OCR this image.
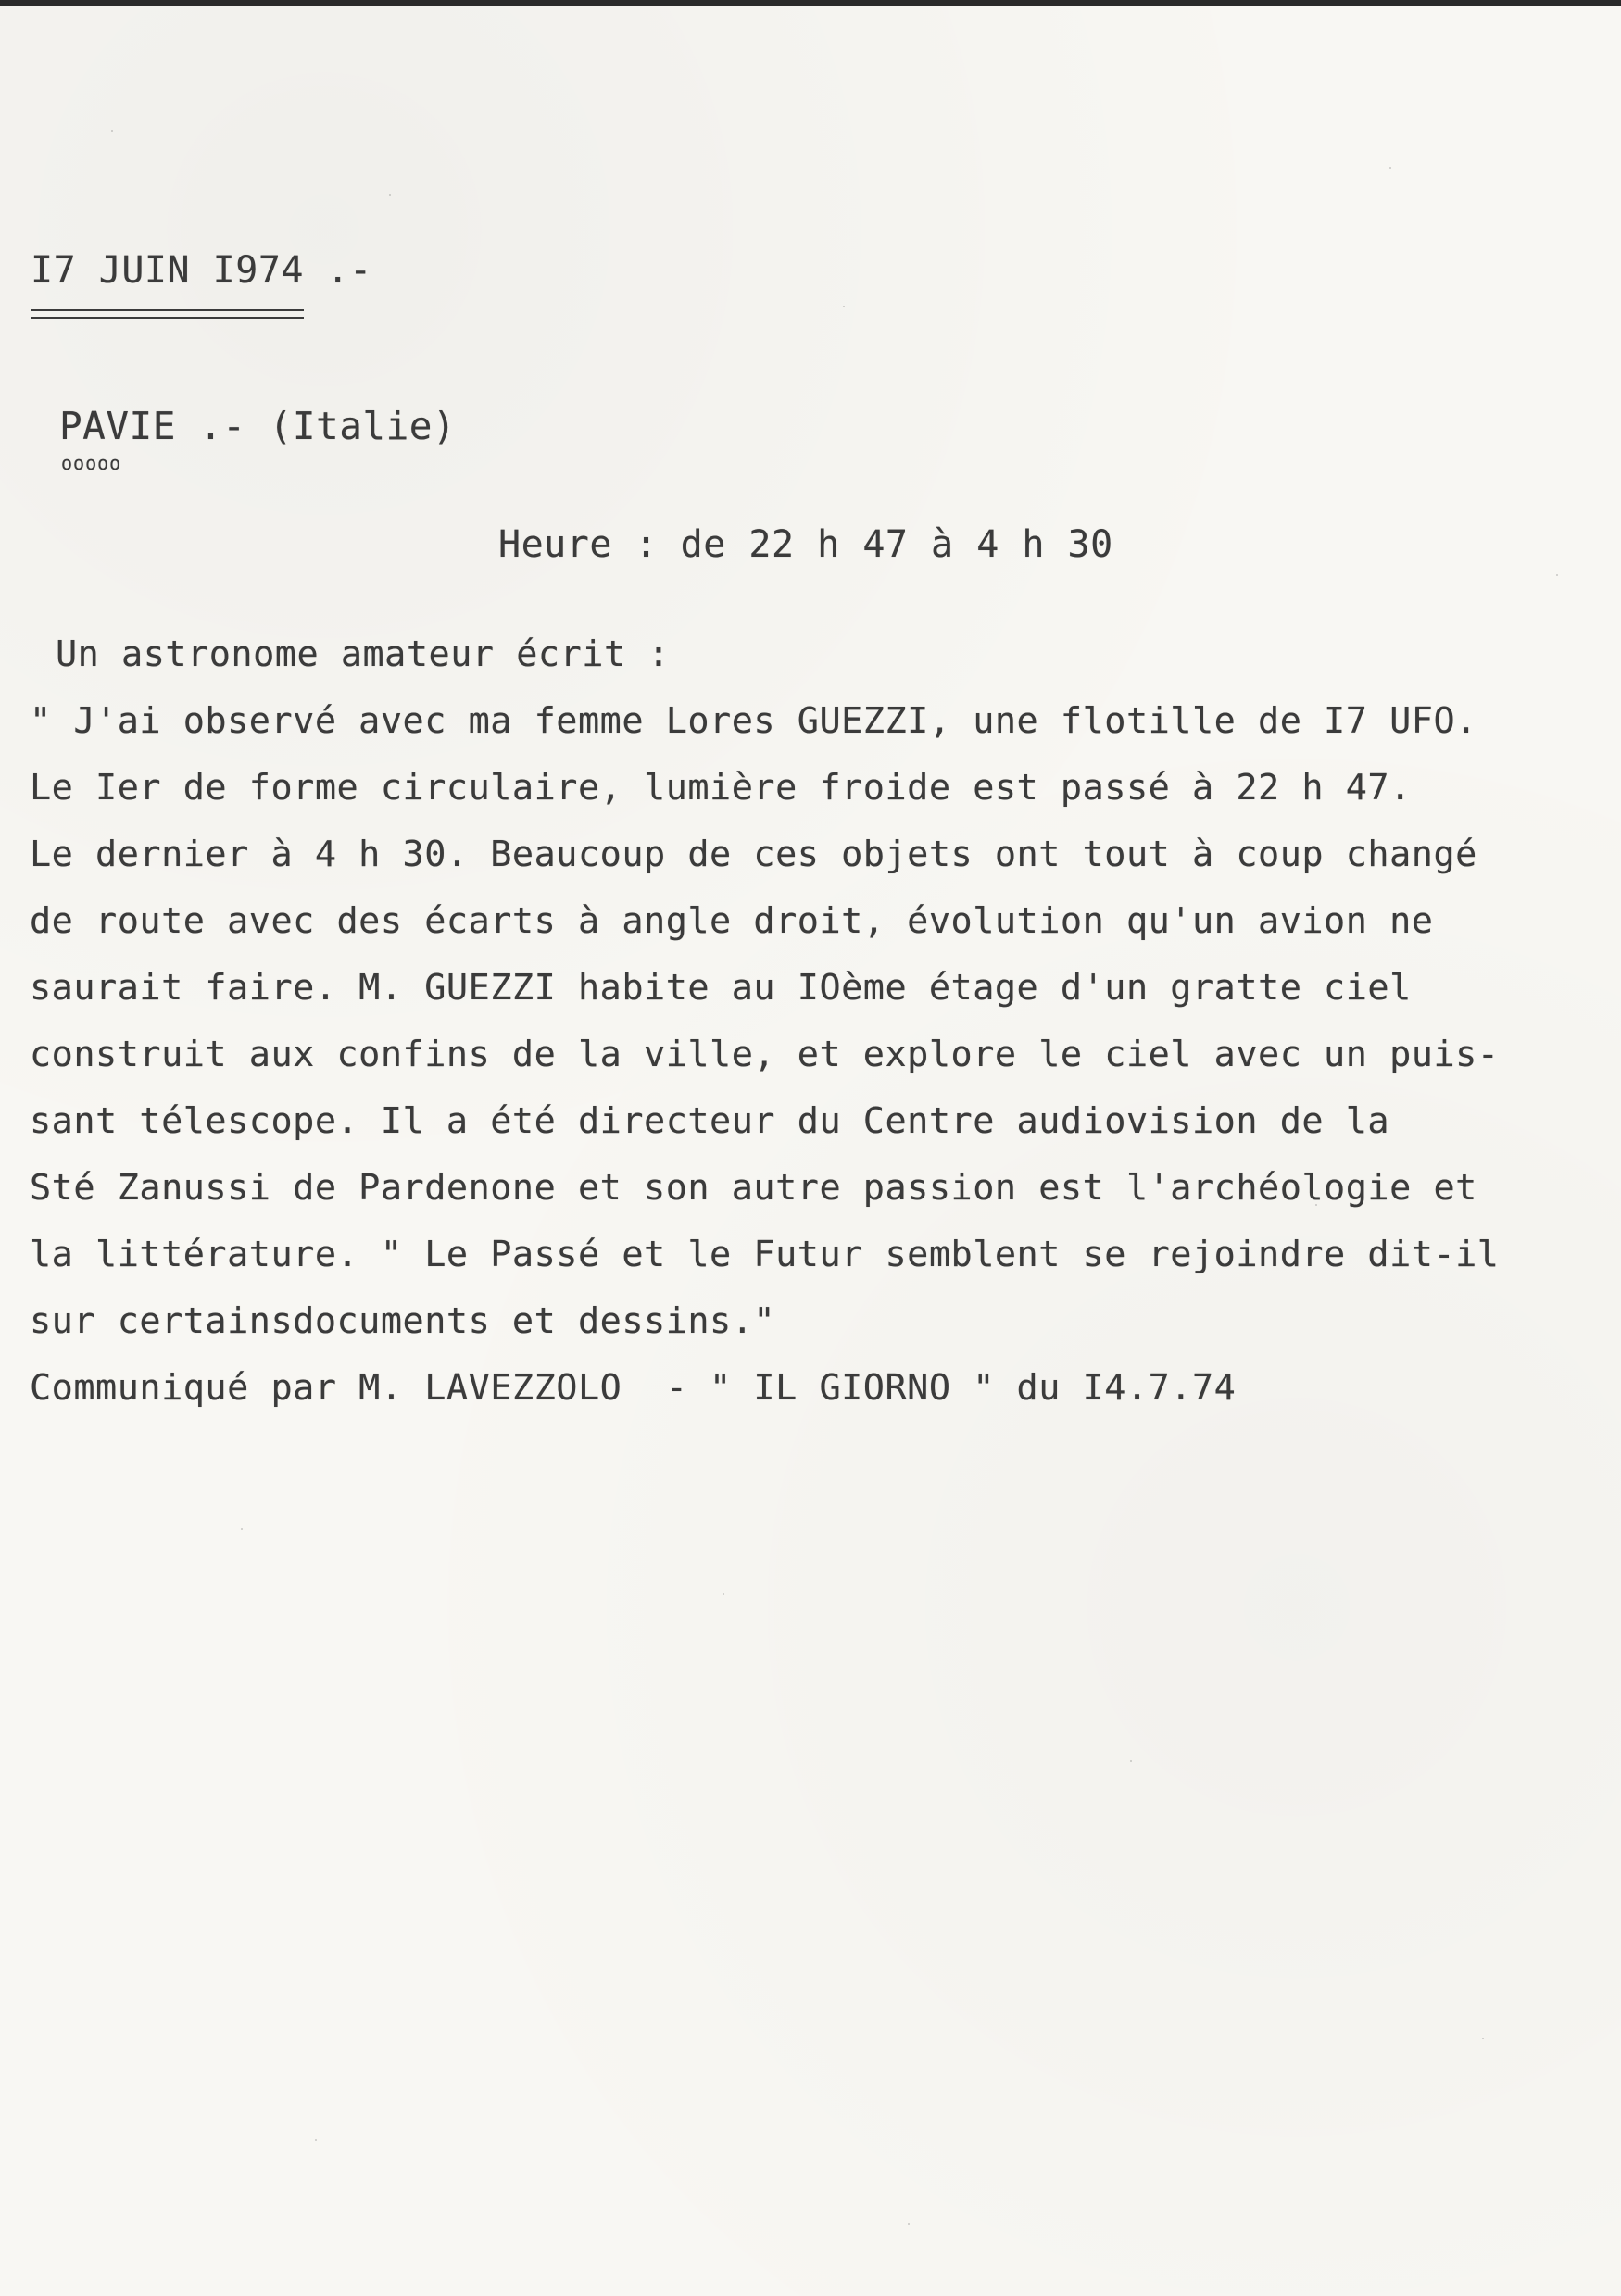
I7 JUIN I974 .-
PAVIE .- (Italie)
ooooo
Heure : de 22 h 47 à 4 h 30
Un astronome amateur écrit :
" J'ai observé avec ma femme Lores GUEZZI, une flotille de I7 UFO.
Le Ier de forme circulaire, lumière froide est passé à 22 h 47.
Le dernier à 4 h 30. Beaucoup de ces objets ont tout à coup changé
de route avec des écarts à angle droit, évolution qu'un avion ne
saurait faire. M. GUEZZI habite au IOème étage d'un gratte ciel
construit aux confins de la ville, et explore le ciel avec un puis-
sant télescope. Il a été directeur du Centre audiovision de la
Sté Zanussi de Pardenone et son autre passion est l'archéologie et
la littérature. " Le Passé et le Futur semblent se rejoindre dit-il
sur certainsdocuments et dessins."
Communiqué par M. LAVEZZOLO  - " IL GIORNO " du I4.7.74
